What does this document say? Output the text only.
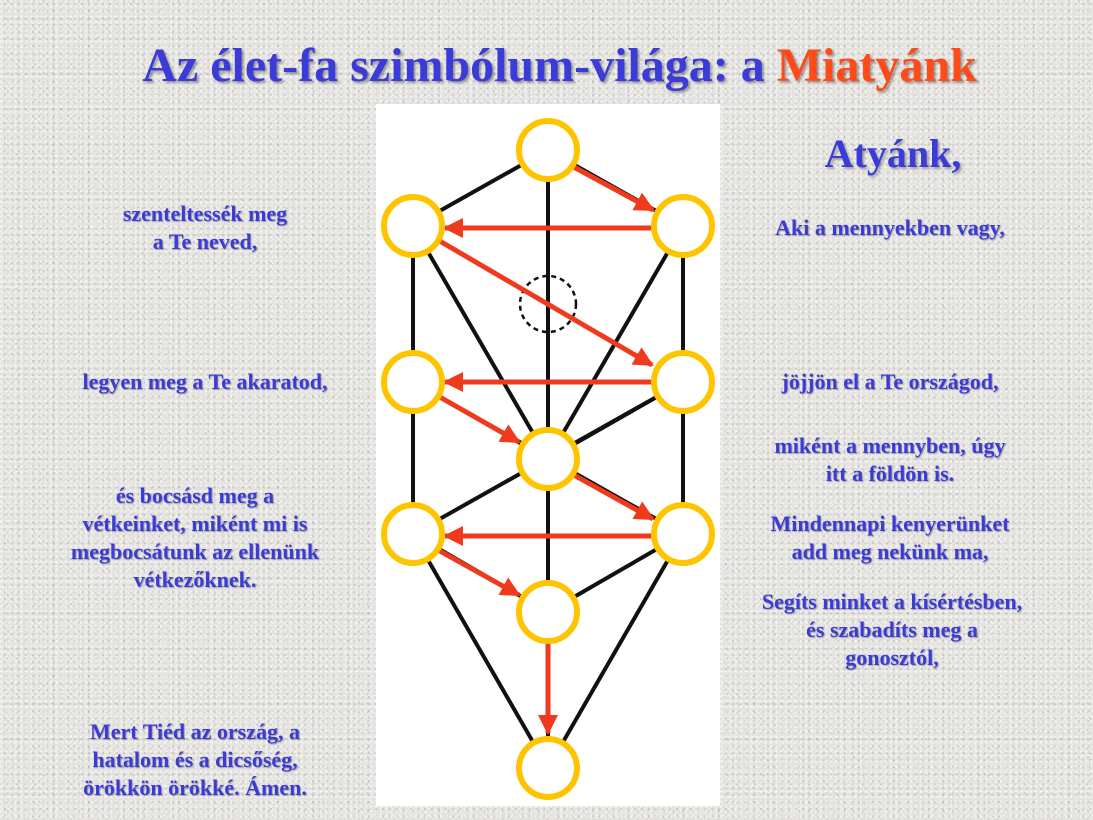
Az élet-fa szimbólum-világa: a Miatyánk
Atyánk,
Aki a mennyekben vagy,
szenteltessék meg
a Te neved,
jöjjön el a Te országod,
legyen meg a Te akaratod,
miként a mennyben, úgy
itt a földön is.
Mindennapi kenyerünket
add meg nekünk ma,
és bocsásd meg a
vétkeinket, miként mi is
megbocsátunk az ellenünk
vétkezőknek.
Segíts minket a kísértésben,
és szabadíts meg a
gonosztól,
Mert Tiéd az ország, a
hatalom és a dicsőség,
örökkön örökké. Ámen.
